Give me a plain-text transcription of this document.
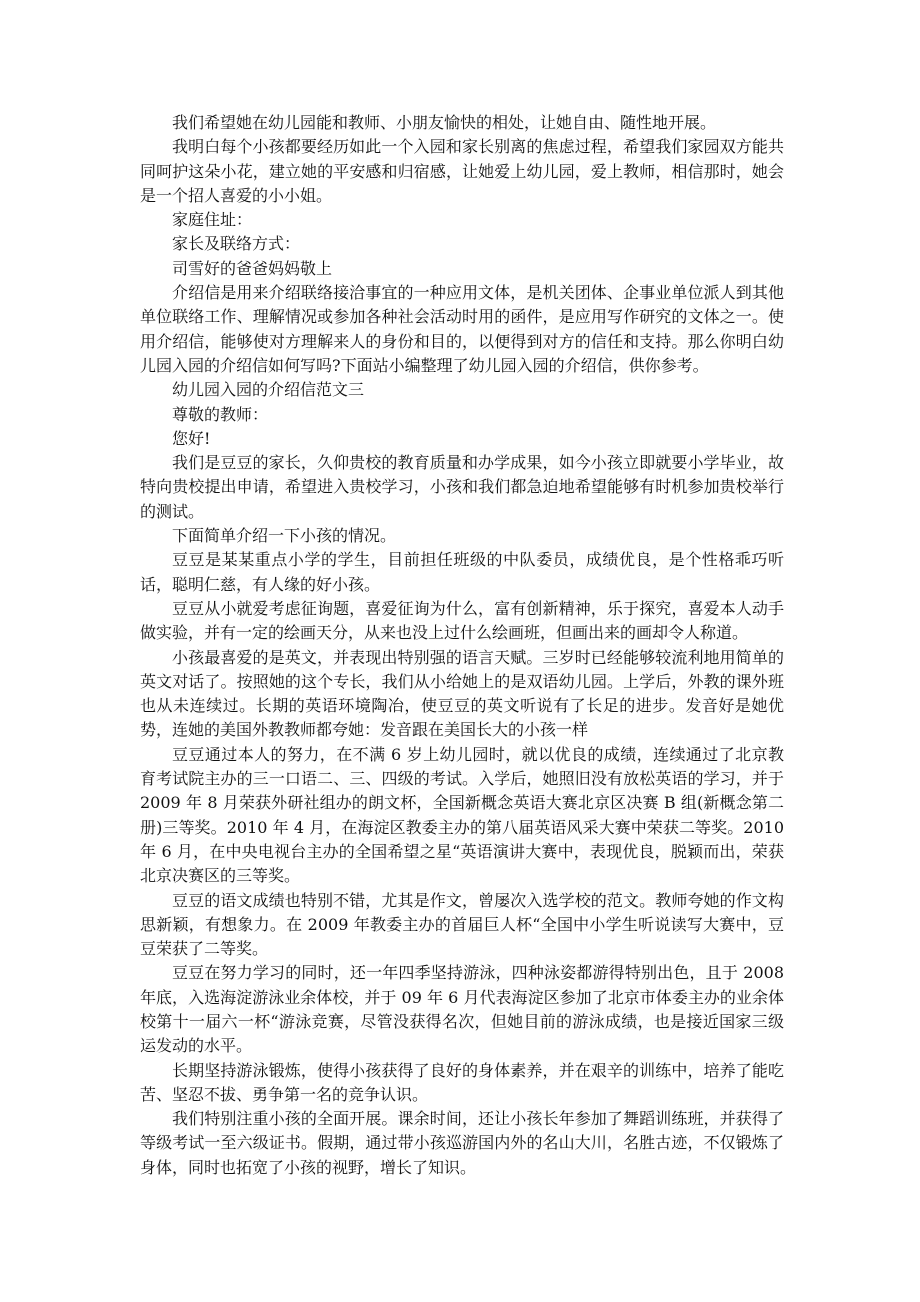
我们希望她在幼儿园能和教师、小朋友愉快的相处，让她自由、随性地开展。

我明白每个小孩都要经历如此一个入园和家长别离的焦虑过程，希望我们家园双方能共同呵护这朵小花，建立她的平安感和归宿感，让她爱上幼儿园，爱上教师，相信那时，她会是一个招人喜爱的小小姐。

家庭住址：

家长及联络方式：

司雪好的爸爸妈妈敬上

介绍信是用来介绍联络接洽事宜的一种应用文体，是机关团体、企事业单位派人到其他单位联络工作、理解情况或参加各种社会活动时用的函件，是应用写作研究的文体之一。使用介绍信，能够使对方理解来人的身份和目的，以便得到对方的信任和支持。那么你明白幼儿园入园的介绍信如何写吗?下面站小编整理了幼儿园入园的介绍信，供你参考。

幼儿园入园的介绍信范文三

尊敬的教师：

您好!

我们是豆豆的家长，久仰贵校的教育质量和办学成果，如今小孩立即就要小学毕业，故特向贵校提出申请，希望进入贵校学习，小孩和我们都急迫地希望能够有时机参加贵校举行的测试。

下面简单介绍一下小孩的情况。

豆豆是某某重点小学的学生，目前担任班级的中队委员，成绩优良，是个性格乖巧听话，聪明仁慈，有人缘的好小孩。

豆豆从小就爱考虑征询题，喜爱征询为什么，富有创新精神，乐于探究，喜爱本人动手做实验，并有一定的绘画天分，从来也没上过什么绘画班，但画出来的画却令人称道。

小孩最喜爱的是英文，并表现出特别强的语言天赋。三岁时已经能够较流利地用简单的英文对话了。按照她的这个专长，我们从小给她上的是双语幼儿园。上学后，外教的课外班也从未连续过。长期的英语环境陶冶，使豆豆的英文听说有了长足的进步。发音好是她优势，连她的美国外教教师都夸她：发音跟在美国长大的小孩一样

豆豆通过本人的努力，在不满 6 岁上幼儿园时，就以优良的成绩，连续通过了北京教育考试院主办的三一口语二、三、四级的考试。入学后，她照旧没有放松英语的学习，并于 2009 年 8 月荣获外研社组办的朗文杯，全国新概念英语大赛北京区决赛 B 组(新概念第二册)三等奖。2010 年 4 月，在海淀区教委主办的第八届英语风采大赛中荣获二等奖。2010 年 6 月，在中央电视台主办的全国希望之星“英语演讲大赛中，表现优良，脱颖而出，荣获北京决赛区的三等奖。

豆豆的语文成绩也特别不错，尤其是作文，曾屡次入选学校的范文。教师夸她的作文构思新颖，有想象力。在 2009 年教委主办的首届巨人杯“全国中小学生听说读写大赛中，豆豆荣获了二等奖。

豆豆在努力学习的同时，还一年四季坚持游泳，四种泳姿都游得特别出色，且于 2008 年底，入选海淀游泳业余体校，并于 09 年 6 月代表海淀区参加了北京市体委主办的业余体校第十一届六一杯“游泳竞赛，尽管没获得名次，但她目前的游泳成绩，也是接近国家三级运发动的水平。

长期坚持游泳锻炼，使得小孩获得了良好的身体素养，并在艰辛的训练中，培养了能吃苦、坚忍不拔、勇争第一名的竞争认识。

我们特别注重小孩的全面开展。课余时间，还让小孩长年参加了舞蹈训练班，并获得了等级考试一至六级证书。假期，通过带小孩巡游国内外的名山大川，名胜古迹，不仅锻炼了身体，同时也拓宽了小孩的视野，增长了知识。
